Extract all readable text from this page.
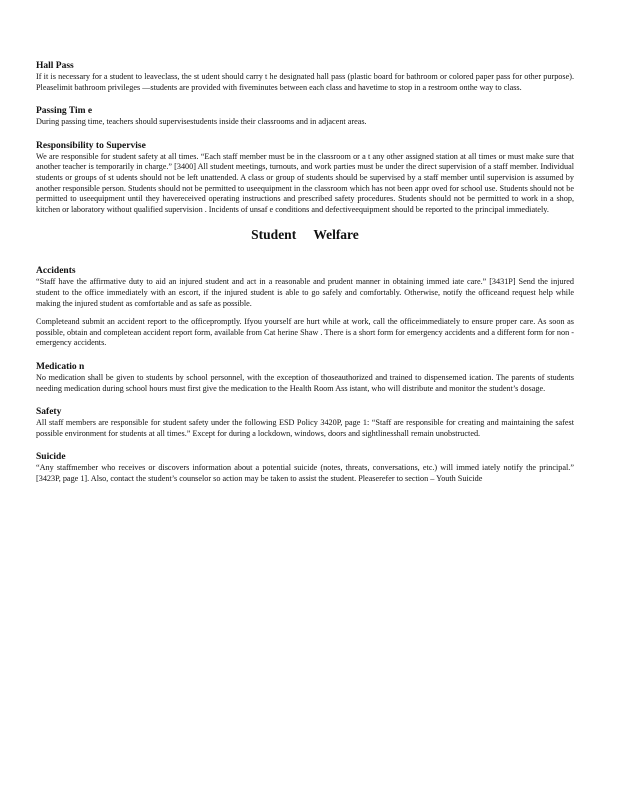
Hall Pass

If it is necessary for a student to leaveclass, the st udent should carry t he designated hall pass (plastic board for bathroom or colored paper pass for other purpose). Pleaselimit bathroom privileges —students are provided with fiveminutes between each class and havetime to stop in a restroom onthe way to class.

Passing Tim e

During passing time, teachers should supervisestudents inside their classrooms and in adjacent areas.

Responsibility to Supervise

We are responsible for student safety at all times. “Each staff member must be in the classroom or a t any other assigned station at all times or must make sure that another teacher is temporarily in charge.” [3400] All student meetings, turnouts, and work parties must be under the direct supervision of a staff member. Individual students or groups of st udents should not be left unattended. A class or group of students should be supervised by a staff member until supervision is assumed by another responsible person. Students should not be permitted to useequipment in the classroom which has not been appr oved for school use. Students should not be permitted to useequipment until they havereceived operating instructions and prescribed safety procedures. Students should not be permitted to work in a shop, kitchen or laboratory without qualified supervision . Incidents of unsaf e conditions and defectiveequipment should be reported to the principal immediately.

Student Welfare

Accidents

“Staff have the affirmative duty to aid an injured student and act in a reasonable and prudent manner in obtaining immed iate care.” [3431P] Send the injured student to the office immediately with an escort, if the injured student is able to go safely and comfortably. Otherwise, notify the officeand request help while making the injured student as comfortable and as safe as possible.

Completeand submit an accident report to the officepromptly. Ifyou yourself are hurt while at work, call the officeimmediately to ensure proper care. As soon as possible, obtain and completean accident report form, available from Cat herine Shaw . There is a short form for emergency accidents and a different form for non - emergency accidents.

Medicatio n

No medication shall be given to students by school personnel, with the exception of thoseauthorized and trained to dispensemed ication. The parents of students needing medication during school hours must first give the medication to the Health Room Ass istant, who will distribute and monitor the student’s dosage.

Safety

All staff members are responsible for student safety under the following ESD Policy 3420P, page 1: “Staff are responsible for creating and maintaining the safest possible environment for students at all times.” Except for during a lockdown, windows, doors and sightlinesshall remain unobstructed.

Suicide

“Any staffmember who receives or discovers information about a potential suicide (notes, threats, conversations, etc.) will immed iately notify the principal.” [3423P, page 1]. Also, contact the student’s counselor so action may be taken to assist the student. Pleaserefer to section – Youth Suicide
